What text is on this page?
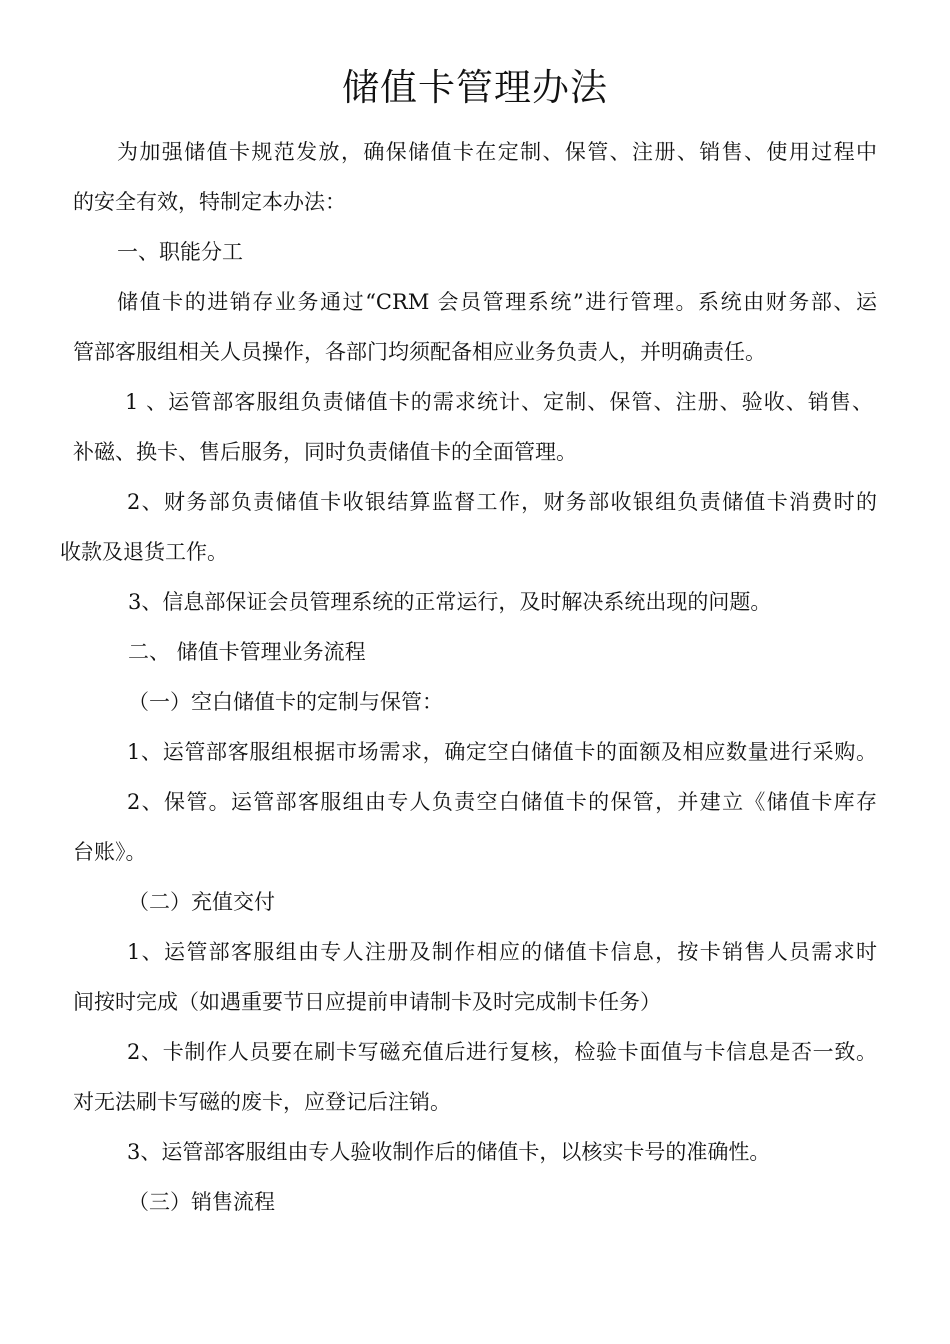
储值卡管理办法
为加强储值卡规范发放，确保储值卡在定制、保管、注册、销售、使用过程中
的安全有效，特制定本办法：
一、职能分工
储值卡的进销存业务通过“CRM 会员管理系统”进行管理。系统由财务部、运
管部客服组相关人员操作，各部门均须配备相应业务负责人，并明确责任。
1 、运管部客服组负责储值卡的需求统计、定制、保管、注册、验收、销售、
补磁、换卡、售后服务，同时负责储值卡的全面管理。
2、财务部负责储值卡收银结算监督工作，财务部收银组负责储值卡消费时的
收款及退货工作。
3、信息部保证会员管理系统的正常运行，及时解决系统出现的问题。
二、 储值卡管理业务流程
（一）空白储值卡的定制与保管：
1、运管部客服组根据市场需求，确定空白储值卡的面额及相应数量进行采购。
2、保管。运管部客服组由专人负责空白储值卡的保管，并建立《储值卡库存
台账》。
（二）充值交付
1、运管部客服组由专人注册及制作相应的储值卡信息，按卡销售人员需求时
间按时完成（如遇重要节日应提前申请制卡及时完成制卡任务）
2、卡制作人员要在刷卡写磁充值后进行复核，检验卡面值与卡信息是否一致。
对无法刷卡写磁的废卡，应登记后注销。
3、运管部客服组由专人验收制作后的储值卡，以核实卡号的准确性。
（三）销售流程
